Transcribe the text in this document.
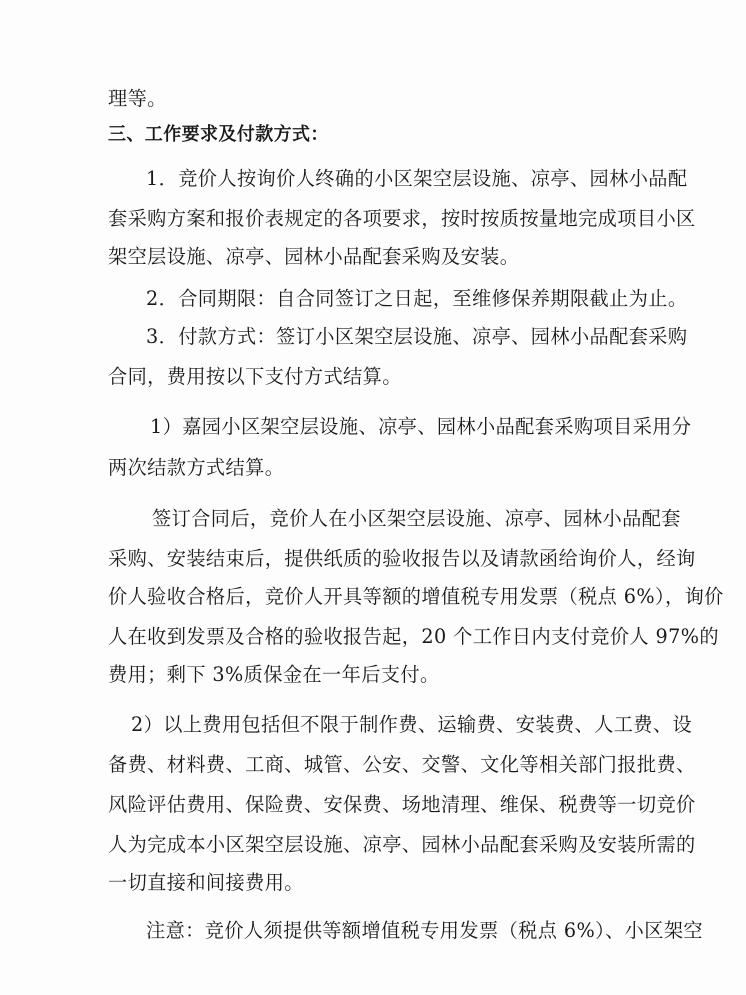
理等。

三、工作要求及付款方式：

1．竞价人按询价人终确的小区架空层设施、凉亭、园林小品配

套采购方案和报价表规定的各项要求，按时按质按量地完成项目小区

架空层设施、凉亭、园林小品配套采购及安装。

2．合同期限：自合同签订之日起，至维修保养期限截止为止。

3．付款方式：签订小区架空层设施、凉亭、园林小品配套采购

合同，费用按以下支付方式结算。

1）嘉园小区架空层设施、凉亭、园林小品配套采购项目采用分

两次结款方式结算。

签订合同后，竞价人在小区架空层设施、凉亭、园林小品配套

采购、安装结束后，提供纸质的验收报告以及请款函给询价人，经询

价人验收合格后，竞价人开具等额的增值税专用发票（税点 6%），询价

人在收到发票及合格的验收报告起，20 个工作日内支付竞价人 97%的

费用；剩下 3%质保金在一年后支付。

2）以上费用包括但不限于制作费、运输费、安装费、人工费、设

备费、材料费、工商、城管、公安、交警、文化等相关部门报批费、

风险评估费用、保险费、安保费、场地清理、维保、税费等一切竞价

人为完成本小区架空层设施、凉亭、园林小品配套采购及安装所需的

一切直接和间接费用。

注意：竞价人须提供等额增值税专用发票（税点 6%）、小区架空
